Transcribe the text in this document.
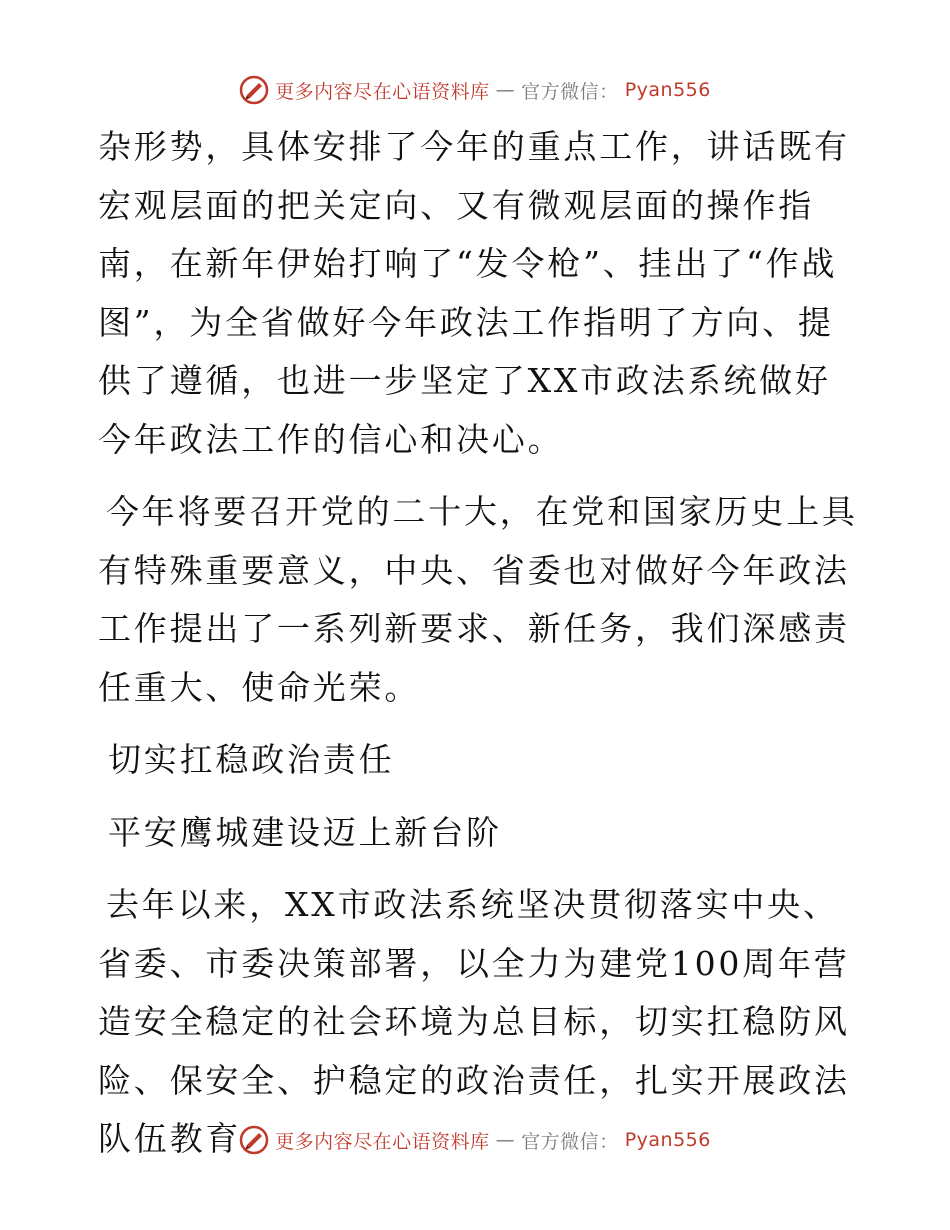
更多内容尽在心语资料库 — 官方微信： Pyan556

杂形势，具体安排了今年的重点工作，讲话既有宏观层面的把关定向、又有微观层面的操作指南，在新年伊始打响了“发令枪”、挂出了“作战图”，为全省做好今年政法工作指明了方向、提供了遵循，也进一步坚定了XX市政法系统做好今年政法工作的信心和决心。

今年将要召开党的二十大，在党和国家历史上具有特殊重要意义，中央、省委也对做好今年政法工作提出了一系列新要求、新任务，我们深感责任重大、使命光荣。

切实扛稳政治责任

平安鹰城建设迈上新台阶

去年以来，XX市政法系统坚决贯彻落实中央、省委、市委决策部署，以全力为建党100周年营造安全稳定的社会环境为总目标，切实扛稳防风险、保安全、护稳定的政治责任，扎实开展政法队伍教育	更多内容尽在心语资料库 — 官方微信： Pyan556
